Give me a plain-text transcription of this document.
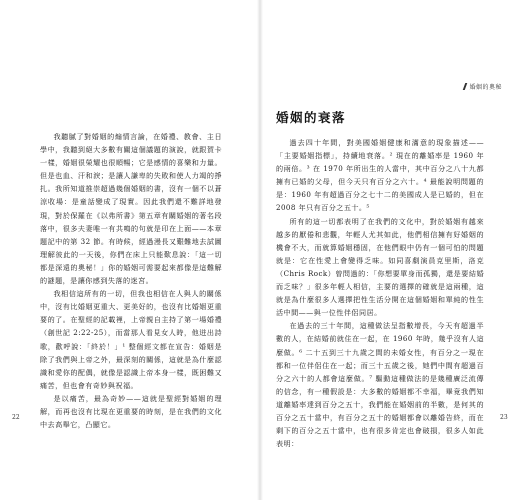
我聽膩了對婚姻的煽情言論，在婚禮、教會、主日學中，我聽到絕大多數有關這個議題的演說，就跟賀卡一樣，婚姻很榮耀也很順暢；它是感情的喜樂和力量。但是也血、汗和淚；是讓人謙卑的失敗和使人力竭的掙扎。我所知道推崇超過幾個婚姻的書，沒有一個不以蒼涼收場：是童話變成了現實。因此我們還不難詳地發現，對於保羅在《以弗所書》第五章有關婚姻的著名段落中，很多夫妻唯一有共鳴的句就是印在上面——本章題記中的第 32 節。有時候，經過漫長又艱難地去試圖理解彼此的一天後，你們在床上只能歎息說：「這一切都是深遠的奧秘！」你的婚姻可需要起來都像是這難解的謎題，是讓你感到失落的迷宮。

我相信這所有的一切，但我也相信在人與人的關係中，沒有比婚姻更重大、更美好的，也沒有比婚姻更重要的了。在聖經的記載裡，上帝親自主持了第一場婚禮（創世記 2:22-25），而當那人看見女人時，他迸出詩歌，歡呼說：「終於！」¹ 整個經文都在宣告：婚姻是除了我們與上帝之外，最深刻的關係，這就是為什麼認識和愛你的配偶，就像是認識上帝本身一樣，既困難又痛苦，但也會有奇妙與祝福。

是以痛苦，最為奇妙——這就是聖經對婚姻的理解，而再也沒有比現在更重要的時刻，是在我們的文化中去高舉它，凸顯它。

婚姻的奧秘
婚姻的衰落

過去四十年間，對美國婚姻健康和滿意的現象描述——「主要婚姻指標」，持續地衰落。² 現在的離婚率是 1960 年的兩倍。³ 在 1970 年所出生的人當中，其中百分之八十九都擁有已婚的父母，但今天只有百分之六十。⁴ 最能說明問題的是：1960 年有超過百分之七十二的美國成人是已婚的，但在 2008 年只有百分之五十。⁵

所有的這一切都表明了在我們的文化中，對於婚姻有越來越多的厭倦和悲觀，年輕人尤其如此，他們相信擁有好婚姻的機會不大，而就算婚姻穩固，在他們眼中仍有一個可怕的問題就是：它在性愛上會變得乏味。如同喜劇演員克里斯，洛克（Chris Rock）曾問過的：「你想要單身而孤獨，還是要結婚而乏味？」很多年輕人相信，主要的選擇的確就是這兩種，這就是為什麼很多人選擇把性生活分開在這個婚姻和單純的性生活中間——與一位性伴侶同居。

在過去的三十年間，這種做法呈指數增長，今天有超過半數的人，在結婚前就住在一起，在 1960 年時，幾乎沒有人這麼做。⁶ 二十五到三十九歲之間的未婚女性，有百分之一現在都和一位伴侶住在一起；而三十五歲之後，她們中間有超過百分之六十的人都會這麼做。⁷ 驅動這種做法的是幾種廣泛流傳的信念，有一種假設是：大多數的婚姻都不幸福，畢竟我們知道離婚率達到百分之五十，我們能在婚姻前的半數，是何其的百分之五十當中，有百分之五十的婚姻都會以離婚告終，而在剩下的百分之五十當中，也有很多肯定也會破損，很多人如此表明：

22	23
